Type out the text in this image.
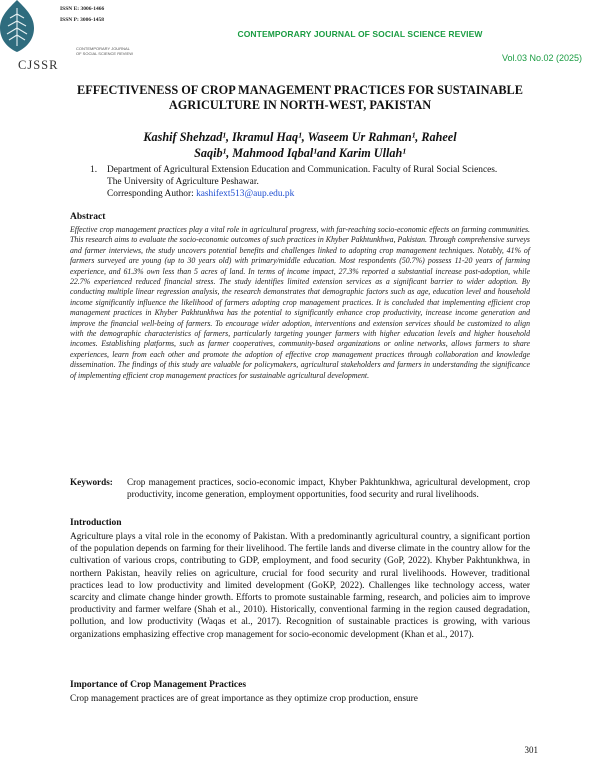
ISSN E: 3006-1466
ISSN P: 3006-1458
CONTEMPORARY JOURNAL OF SOCIAL SCIENCE REVIEW
CJSSR
CONTEMPORARY JOURNAL OF SOCIAL SCIENCE REVIEW
Vol.03 No.02 (2025)
EFFECTIVENESS OF CROP MANAGEMENT PRACTICES FOR SUSTAINABLE AGRICULTURE IN NORTH-WEST, PAKISTAN
Kashif Shehzad¹, Ikramul Haq¹, Waseem Ur Rahman¹, Raheel
Saqib¹, Mahmood Iqbal¹and Karim Ullah¹
1.	Department of Agricultural Extension Education and Communication. Faculty of Rural Social Sciences. The University of Agriculture Peshawar.
Corresponding Author: kashifext513@aup.edu.pk
Abstract
Effective crop management practices play a vital role in agricultural progress, with far-reaching socio-economic effects on farming communities. This research aims to evaluate the socio-economic outcomes of such practices in Khyber Pakhtunkhwa, Pakistan. Through comprehensive surveys and farmer interviews, the study uncovers potential benefits and challenges linked to adopting crop management techniques. Notably, 41% of farmers surveyed are young (up to 30 years old) with primary/middle education. Most respondents (50.7%) possess 11-20 years of farming experience, and 61.3% own less than 5 acres of land. In terms of income impact, 27.3% reported a substantial increase post-adoption, while 22.7% experienced reduced financial stress. The study identifies limited extension services as a significant barrier to wider adoption. By conducting multiple linear regression analysis, the research demonstrates that demographic factors such as age, education level and household income significantly influence the likelihood of farmers adopting crop management practices. It is concluded that implementing efficient crop management practices in Khyber Pakhtunkhwa has the potential to significantly enhance crop productivity, increase income generation and improve the financial well-being of farmers. To encourage wider adoption, interventions and extension services should be customized to align with the demographic characteristics of farmers, particularly targeting younger farmers with higher education levels and higher household incomes. Establishing platforms, such as farmer cooperatives, community-based organizations or online networks, allows farmers to share experiences, learn from each other and promote the adoption of effective crop management practices through collaboration and knowledge dissemination. The findings of this study are valuable for policymakers, agricultural stakeholders and farmers in understanding the significance of implementing efficient crop management practices for sustainable agricultural development.
Keywords:	Crop management practices, socio-economic impact, Khyber Pakhtunkhwa, agricultural development, crop productivity, income generation, employment opportunities, food security and rural livelihoods.
Introduction
Agriculture plays a vital role in the economy of Pakistan. With a predominantly agricultural country, a significant portion of the population depends on farming for their livelihood. The fertile lands and diverse climate in the country allow for the cultivation of various crops, contributing to GDP, employment, and food security (GoP, 2022). Khyber Pakhtunkhwa, in northern Pakistan, heavily relies on agriculture, crucial for food security and rural livelihoods. However, traditional practices lead to low productivity and limited development (GoKP, 2022). Challenges like technology access, water scarcity and climate change hinder growth. Efforts to promote sustainable farming, research, and policies aim to improve productivity and farmer welfare (Shah et al., 2010). Historically, conventional farming in the region caused degradation, pollution, and low productivity (Waqas et al., 2017). Recognition of sustainable practices is growing, with various organizations emphasizing effective crop management for socio-economic development (Khan et al., 2017).
Importance of Crop Management Practices
Crop management practices are of great importance as they optimize crop production, ensure
301
